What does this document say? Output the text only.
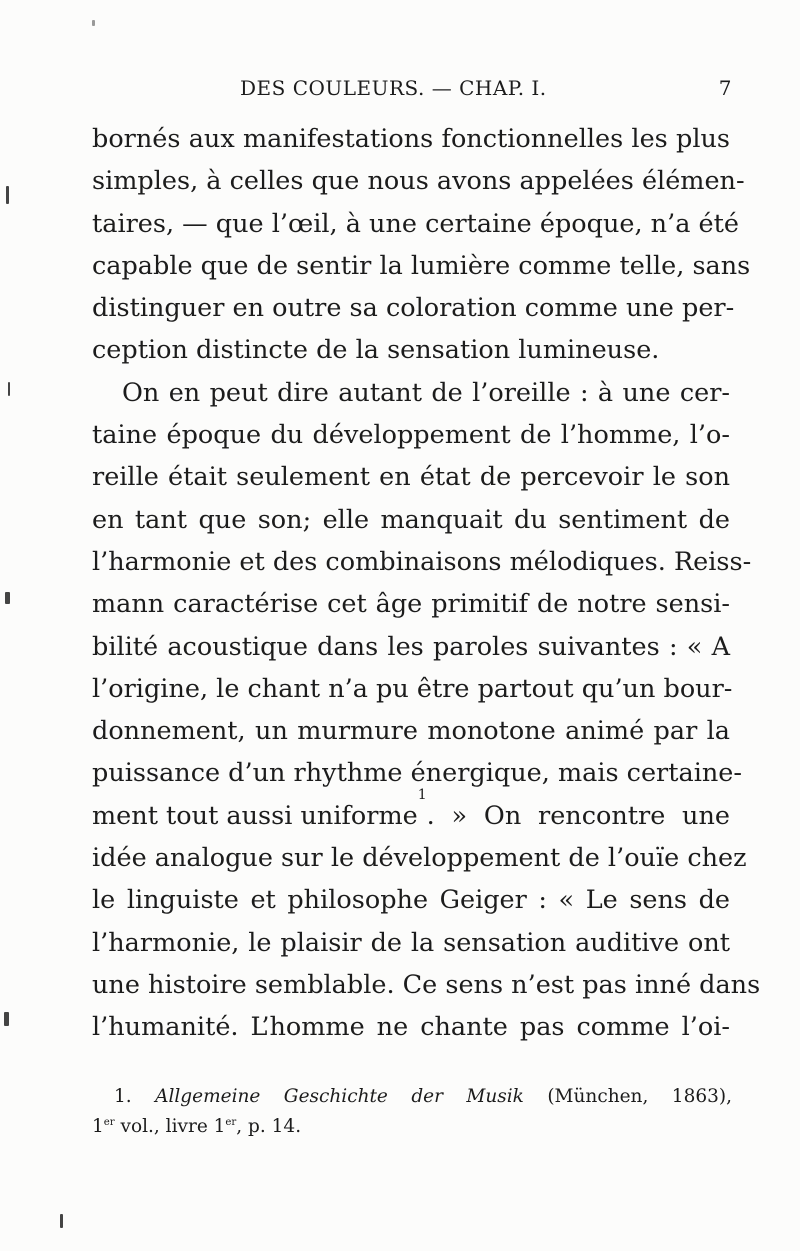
DES COULEURS. — CHAP. I.	7
bornés aux manifestations fonctionnelles les plus
simples, à celles que nous avons appelées élémen-
taires, — que l’œil, à une certaine époque, n’a été
capable que de sentir la lumière comme telle, sans
distinguer en outre sa coloration comme une per-
ception distincte de la sensation lumineuse.
On en peut dire autant de l’oreille : à une cer-
taine époque du développement de l’homme, l’o-
reille était seulement en état de percevoir le son
en tant que son; elle manquait du sentiment de
l’harmonie et des combinaisons mélodiques. Reiss-
mann caractérise cet âge primitif de notre sensi-
bilité acoustique dans les paroles suivantes : « A
l’origine, le chant n’a pu être partout qu’un bour-
donnement, un murmure monotone animé par la
puissance d’un rhythme énergique, mais certaine-
ment tout aussi uniforme
1
. » On rencontre une
idée analogue sur le développement de l’ouïe chez
le linguiste et philosophe Geiger : « Le sens de
l’harmonie, le plaisir de la sensation auditive ont
une histoire semblable. Ce sens n’est pas inné dans
l’humanité. L’homme ne chante pas comme l’oi-
1. Allgemeine Geschichte der Musik (München, 1863),
1er vol., livre 1er, p. 14.
